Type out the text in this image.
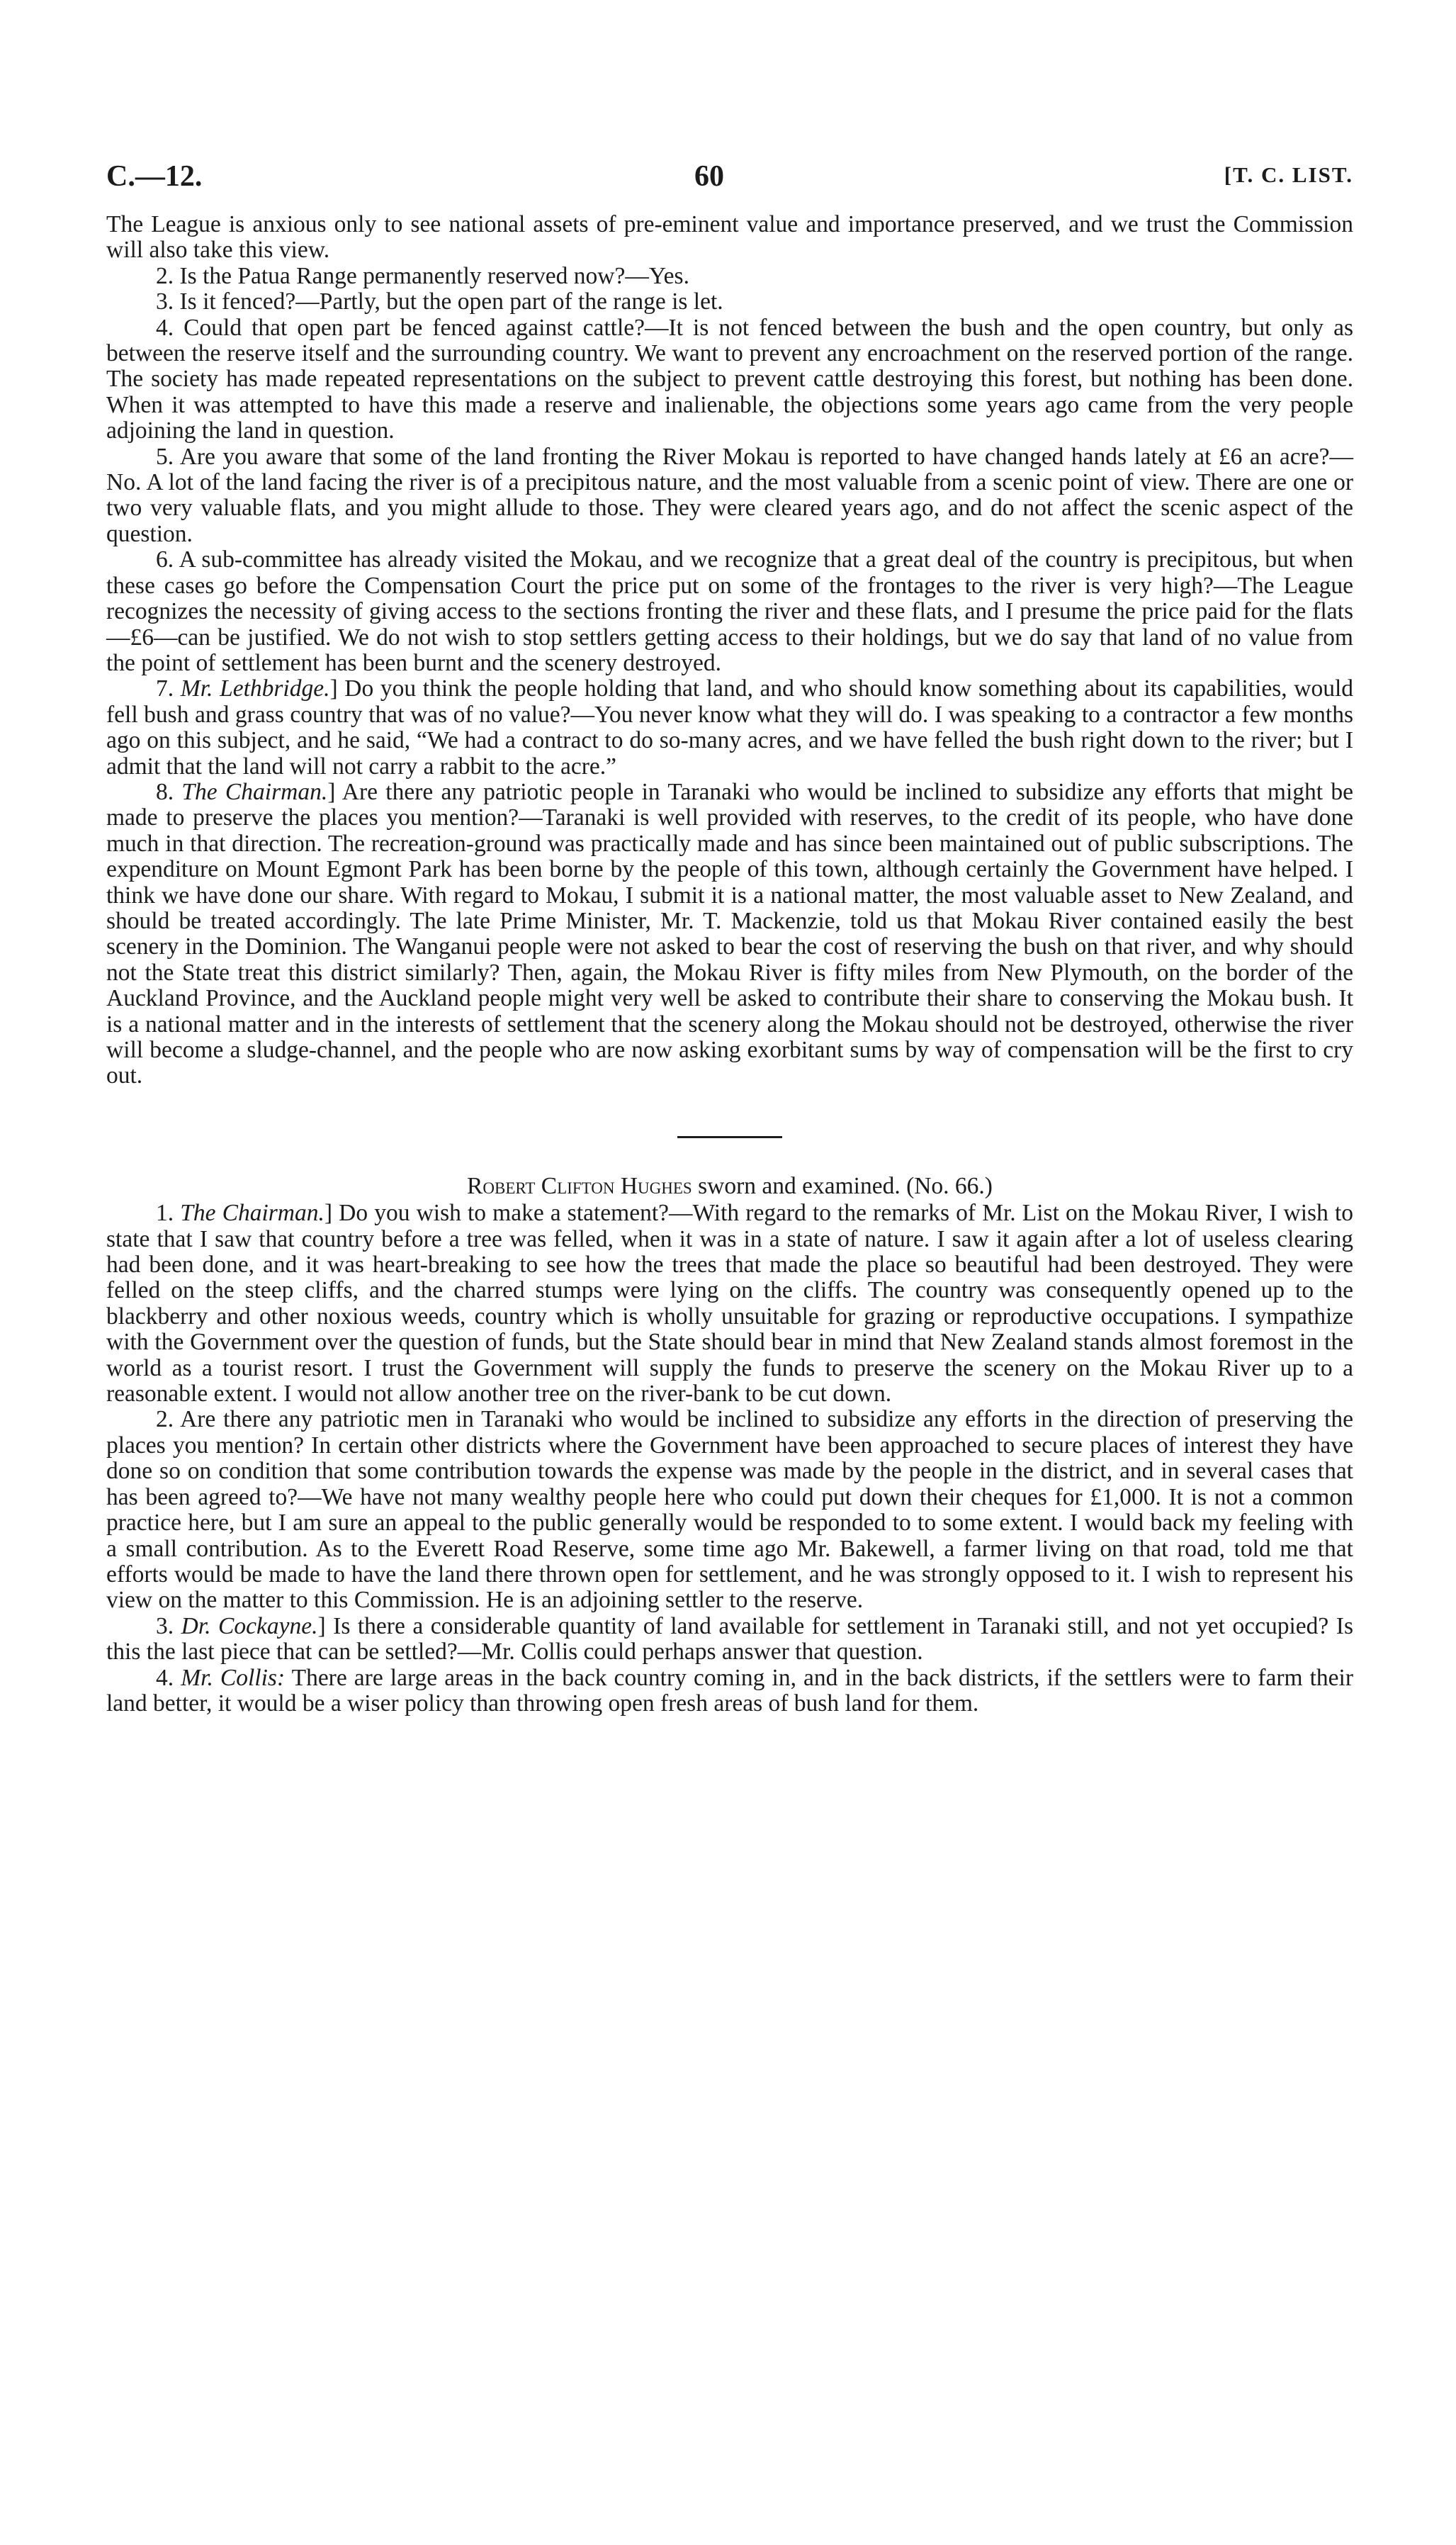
C.—12.	60	[T. C. LIST.

The League is anxious only to see national assets of pre-eminent value and importance preserved, and we trust the Commission will also take this view.

2. Is the Patua Range permanently reserved now?—Yes.

3. Is it fenced?—Partly, but the open part of the range is let.

4. Could that open part be fenced against cattle?—It is not fenced between the bush and the open country, but only as between the reserve itself and the surrounding country. We want to prevent any encroachment on the reserved portion of the range. The society has made repeated representations on the subject to prevent cattle destroying this forest, but nothing has been done. When it was attempted to have this made a reserve and inalienable, the objections some years ago came from the very people adjoining the land in question.

5. Are you aware that some of the land fronting the River Mokau is reported to have changed hands lately at £6 an acre?—No. A lot of the land facing the river is of a precipitous nature, and the most valuable from a scenic point of view. There are one or two very valuable flats, and you might allude to those. They were cleared years ago, and do not affect the scenic aspect of the question.

6. A sub-committee has already visited the Mokau, and we recognize that a great deal of the country is precipitous, but when these cases go before the Compensation Court the price put on some of the frontages to the river is very high?—The League recognizes the necessity of giving access to the sections fronting the river and these flats, and I presume the price paid for the flats—£6—can be justified. We do not wish to stop settlers getting access to their holdings, but we do say that land of no value from the point of settlement has been burnt and the scenery destroyed.

7. Mr. Lethbridge.] Do you think the people holding that land, and who should know something about its capabilities, would fell bush and grass country that was of no value?—You never know what they will do. I was speaking to a contractor a few months ago on this subject, and he said, “We had a contract to do so-many acres, and we have felled the bush right down to the river; but I admit that the land will not carry a rabbit to the acre.”

8. The Chairman.] Are there any patriotic people in Taranaki who would be inclined to subsidize any efforts that might be made to preserve the places you mention?—Taranaki is well provided with reserves, to the credit of its people, who have done much in that direction. The recreation-ground was practically made and has since been maintained out of public subscriptions. The expenditure on Mount Egmont Park has been borne by the people of this town, although certainly the Government have helped. I think we have done our share. With regard to Mokau, I submit it is a national matter, the most valuable asset to New Zealand, and should be treated accordingly. The late Prime Minister, Mr. T. Mackenzie, told us that Mokau River contained easily the best scenery in the Dominion. The Wanganui people were not asked to bear the cost of reserving the bush on that river, and why should not the State treat this district similarly? Then, again, the Mokau River is fifty miles from New Plymouth, on the border of the Auckland Province, and the Auckland people might very well be asked to contribute their share to conserving the Mokau bush. It is a national matter and in the interests of settlement that the scenery along the Mokau should not be destroyed, otherwise the river will become a sludge-channel, and the people who are now asking exorbitant sums by way of compensation will be the first to cry out.

Robert Clifton Hughes sworn and examined. (No. 66.)

1. The Chairman.] Do you wish to make a statement?—With regard to the remarks of Mr. List on the Mokau River, I wish to state that I saw that country before a tree was felled, when it was in a state of nature. I saw it again after a lot of useless clearing had been done, and it was heart-breaking to see how the trees that made the place so beautiful had been destroyed. They were felled on the steep cliffs, and the charred stumps were lying on the cliffs. The country was consequently opened up to the blackberry and other noxious weeds, country which is wholly unsuitable for grazing or reproductive occupations. I sympathize with the Government over the question of funds, but the State should bear in mind that New Zealand stands almost foremost in the world as a tourist resort. I trust the Government will supply the funds to preserve the scenery on the Mokau River up to a reasonable extent. I would not allow another tree on the river-bank to be cut down.

2. Are there any patriotic men in Taranaki who would be inclined to subsidize any efforts in the direction of preserving the places you mention? In certain other districts where the Government have been approached to secure places of interest they have done so on condition that some contribution towards the expense was made by the people in the district, and in several cases that has been agreed to?—We have not many wealthy people here who could put down their cheques for £1,000. It is not a common practice here, but I am sure an appeal to the public generally would be responded to to some extent. I would back my feeling with a small contribution. As to the Everett Road Reserve, some time ago Mr. Bakewell, a farmer living on that road, told me that efforts would be made to have the land there thrown open for settlement, and he was strongly opposed to it. I wish to represent his view on the matter to this Commission. He is an adjoining settler to the reserve.

3. Dr. Cockayne.] Is there a considerable quantity of land available for settlement in Taranaki still, and not yet occupied? Is this the last piece that can be settled?—Mr. Collis could perhaps answer that question.

4. Mr. Collis: There are large areas in the back country coming in, and in the back districts, if the settlers were to farm their land better, it would be a wiser policy than throwing open fresh areas of bush land for them.
